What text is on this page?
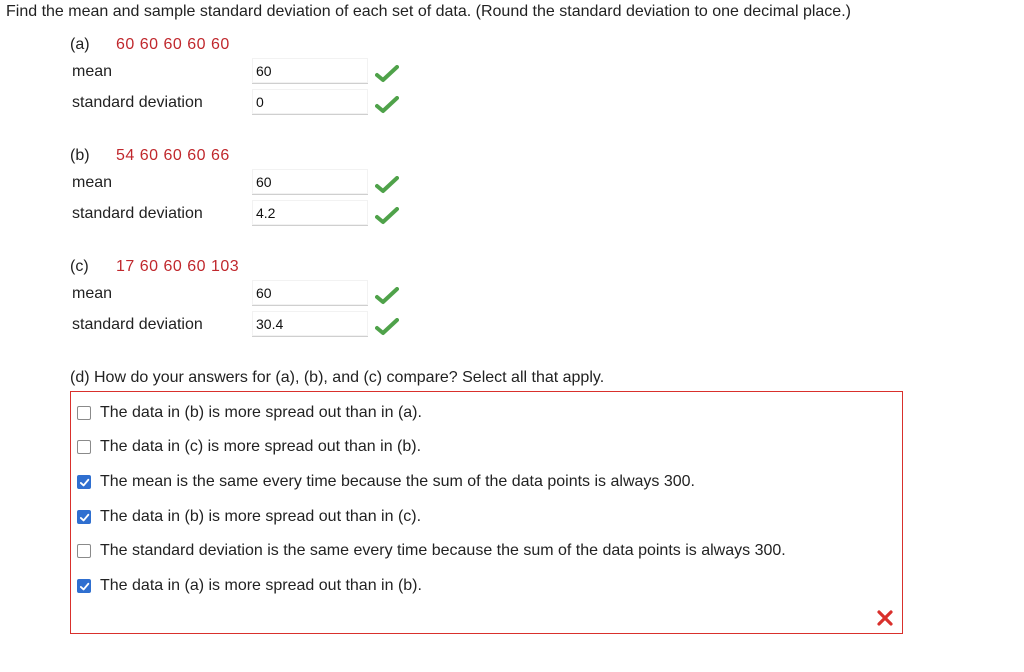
Find the mean and sample standard deviation of each set of data. (Round the standard deviation to one decimal place.)
(a) 60 60 60 60 60
mean
60
standard deviation
0
(b) 54 60 60 60 66
mean
60
standard deviation
4.2
(c) 17 60 60 60 103
mean
60
standard deviation
30.4
(d) How do your answers for (a), (b), and (c) compare? Select all that apply.
The data in (b) is more spread out than in (a).
The data in (c) is more spread out than in (b).
The mean is the same every time because the sum of the data points is always 300.
The data in (b) is more spread out than in (c).
The standard deviation is the same every time because the sum of the data points is always 300.
The data in (a) is more spread out than in (b).
